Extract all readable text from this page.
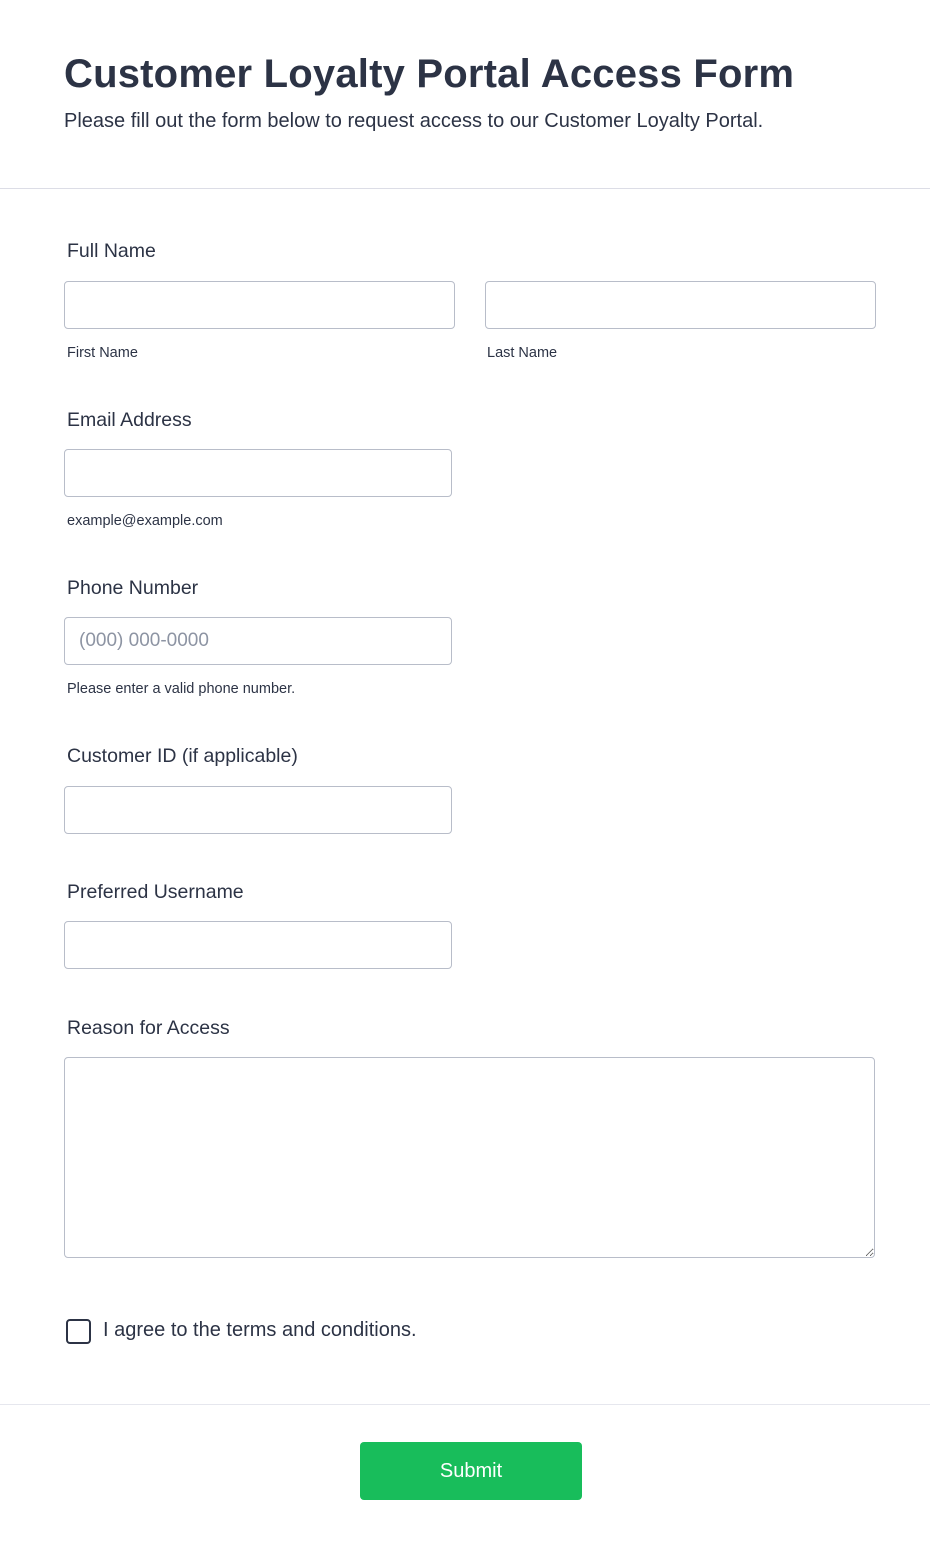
Customer Loyalty Portal Access Form
Please fill out the form below to request access to our Customer Loyalty Portal.
Full Name
First Name	Last Name
Email Address
example@example.com
Phone Number
(000) 000-0000
Please enter a valid phone number.
Customer ID (if applicable)
Preferred Username
Reason for Access
I agree to the terms and conditions.
Submit
